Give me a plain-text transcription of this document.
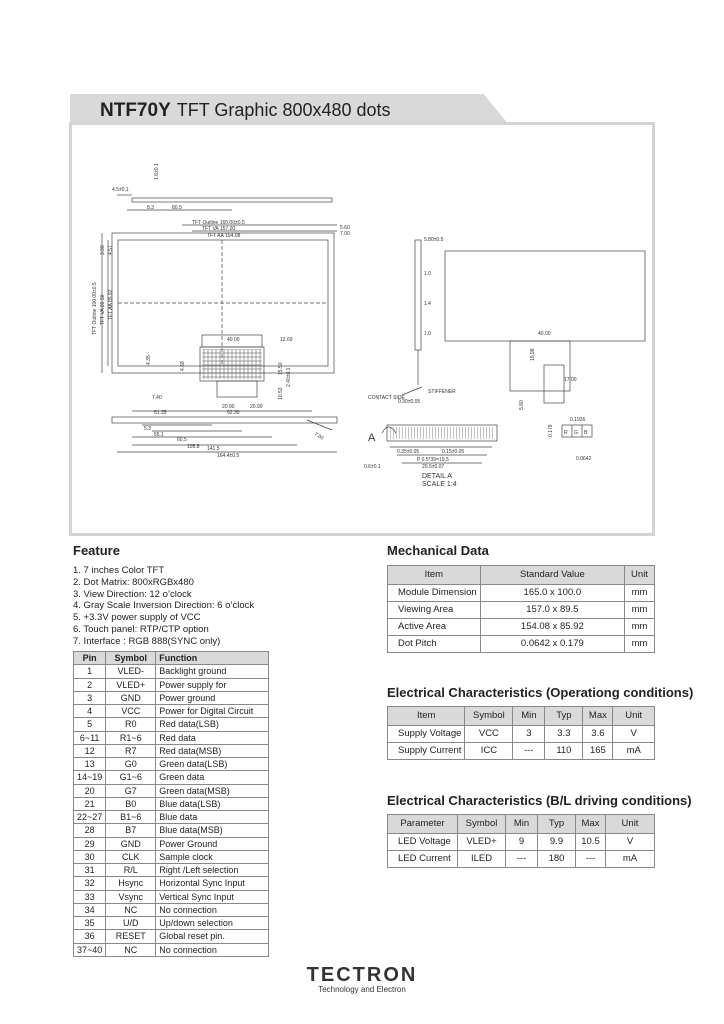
NTF70Y TFT Graphic 800x480 dots
4.5±0.1
1.6±0.1
8.3	80.5
TFT Outline 165.00±0.5
TFT VA 157.00
TFT AA 154.08
5.60
7.00
TFT Outline 100.00±0.5 TFT VA 89.50 TFT AA 85.92
3.98 4.57
40.00	12.69
4.35
4.68
7.40
20.90	20.90
62.30
51.35
15.50 2.40±0.1
10.53
5.3
55.1
60.5
105.8 141.5
164.4±0.5
7.00
5.80±0.5
1.0
1.4
1.0
STIFFENER
CONTACT SIDE
0.30±0.05
40.00
17.00
15.98
5.80
A
0.35±0.05	0.15±0.05
P 0.5*39=19.5
20.5±0.07
0.6±0.1
0.1926
0.179
0.0642
R G B
DETAIL A
SCALE 1:4
Feature
1. 7 inches Color TFT
2. Dot Matrix: 800xRGBx480
3. View Direction: 12 o’clock
4. Gray Scale Inversion Direction: 6 o’clock
5. +3.3V power supply of VCC
6. Touch panel: RTP/CTP option
7. Interface : RGB 888(SYNC only)
Pin	Symbol	Function
1	VLED-	Backlight ground
2	VLED+	Power supply for
3	GND	Power ground
4	VCC	Power for Digital Circuit
5	R0	Red data(LSB)
6~11	R1~6	Red data
12	R7	Red data(MSB)
13	G0	Green data(LSB)
14~19	G1~6	Green data
20	G7	Green data(MSB)
21	B0	Blue data(LSB)
22~27	B1~6	Blue data
28	B7	Blue data(MSB)
29	GND	Power Ground
30	CLK	Sample clock
31	R/L	Right /Left selection
32	Hsync	Horizontal Sync Input
33	Vsync	Vertical Sync Input
34	NC	No connection
35	U/D	Up/down selection
36	RESET	Global reset pin.
37~40	NC	No connection
Mechanical Data
Item	Standard Value	Unit
Module Dimension	165.0 x 100.0	mm
Viewing Area	157.0 x 89.5	mm
Active Area	154.08 x 85.92	mm
Dot Pitch	0.0642 x 0.179	mm
Electrical Characteristics (Operationg conditions)
Item	Symbol	Min	Typ	Max	Unit
Supply Voltage	VCC	3	3.3	3.6	V
Supply Current	ICC	---	110	165	mA
Electrical Characteristics (B/L driving conditions)
Parameter	Symbol	Min	Typ	Max	Unit
LED Voltage	VLED+	9	9.9	10.5	V
LED Current	ILED	---	180	---	mA
TECTRON
Technology and Electron
